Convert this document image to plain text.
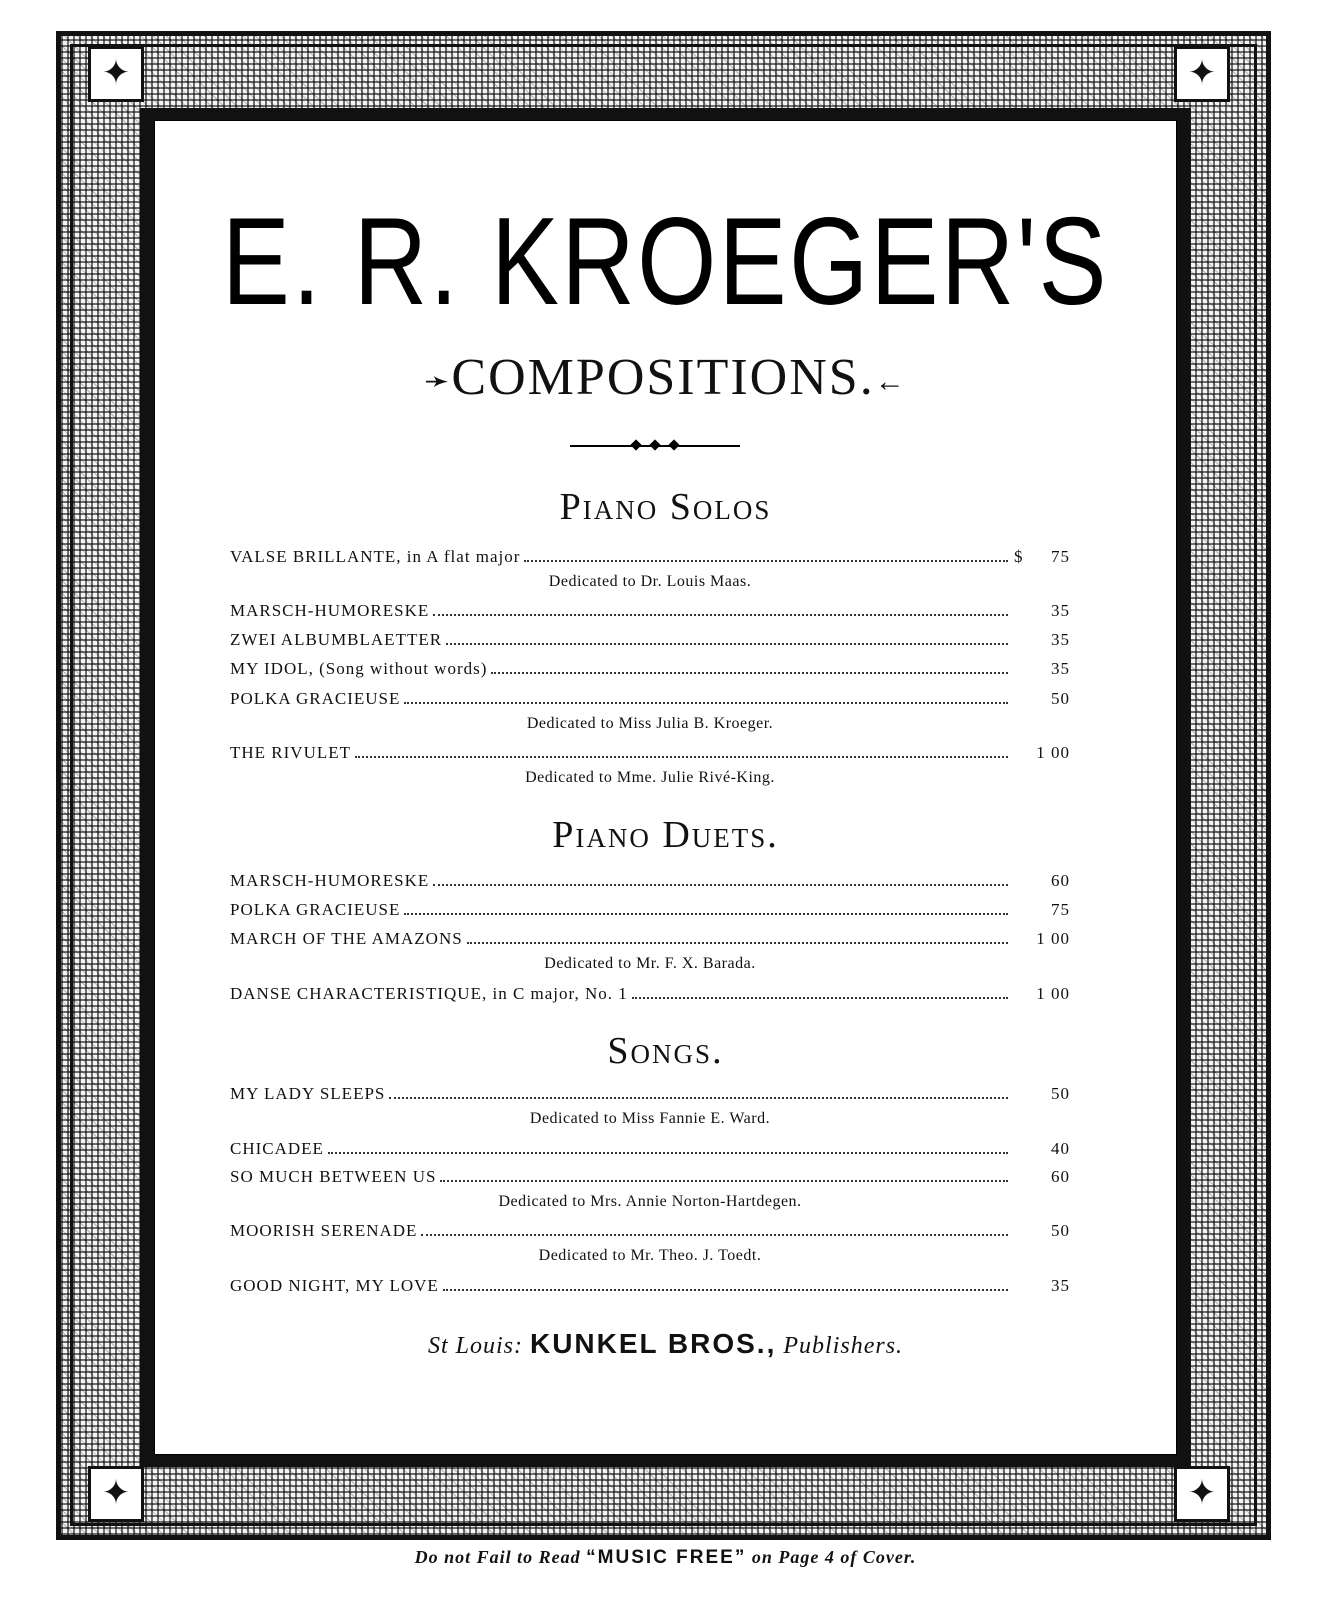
✦	✦
✦	✦
E. R. KROEGER'S
➛COMPOSITIONS.←
Piano Solos
VALSE BRILLANTE, in A flat major	$	75
Dedicated to Dr. Louis Maas.
MARSCH-HUMORESKE	35
ZWEI ALBUMBLAETTER	35
MY IDOL, (Song without words)	35
POLKA GRACIEUSE	50
Dedicated to Miss Julia B. Kroeger.
THE RIVULET	1 00
Dedicated to Mme. Julie Rivé-King.
Piano Duets.
MARSCH-HUMORESKE	60
POLKA GRACIEUSE	75
MARCH OF THE AMAZONS	1 00
Dedicated to Mr. F. X. Barada.
DANSE CHARACTERISTIQUE, in C major, No. 1	1 00
Songs.
MY LADY SLEEPS	50
Dedicated to Miss Fannie E. Ward.
CHICADEE	40
SO MUCH BETWEEN US	60
Dedicated to Mrs. Annie Norton-Hartdegen.
MOORISH SERENADE	50
Dedicated to Mr. Theo. J. Toedt.
GOOD NIGHT, MY LOVE	35
St Louis: KUNKEL BROS., Publishers.
Do not Fail to Read “MUSIC FREE” on Page 4 of Cover.
